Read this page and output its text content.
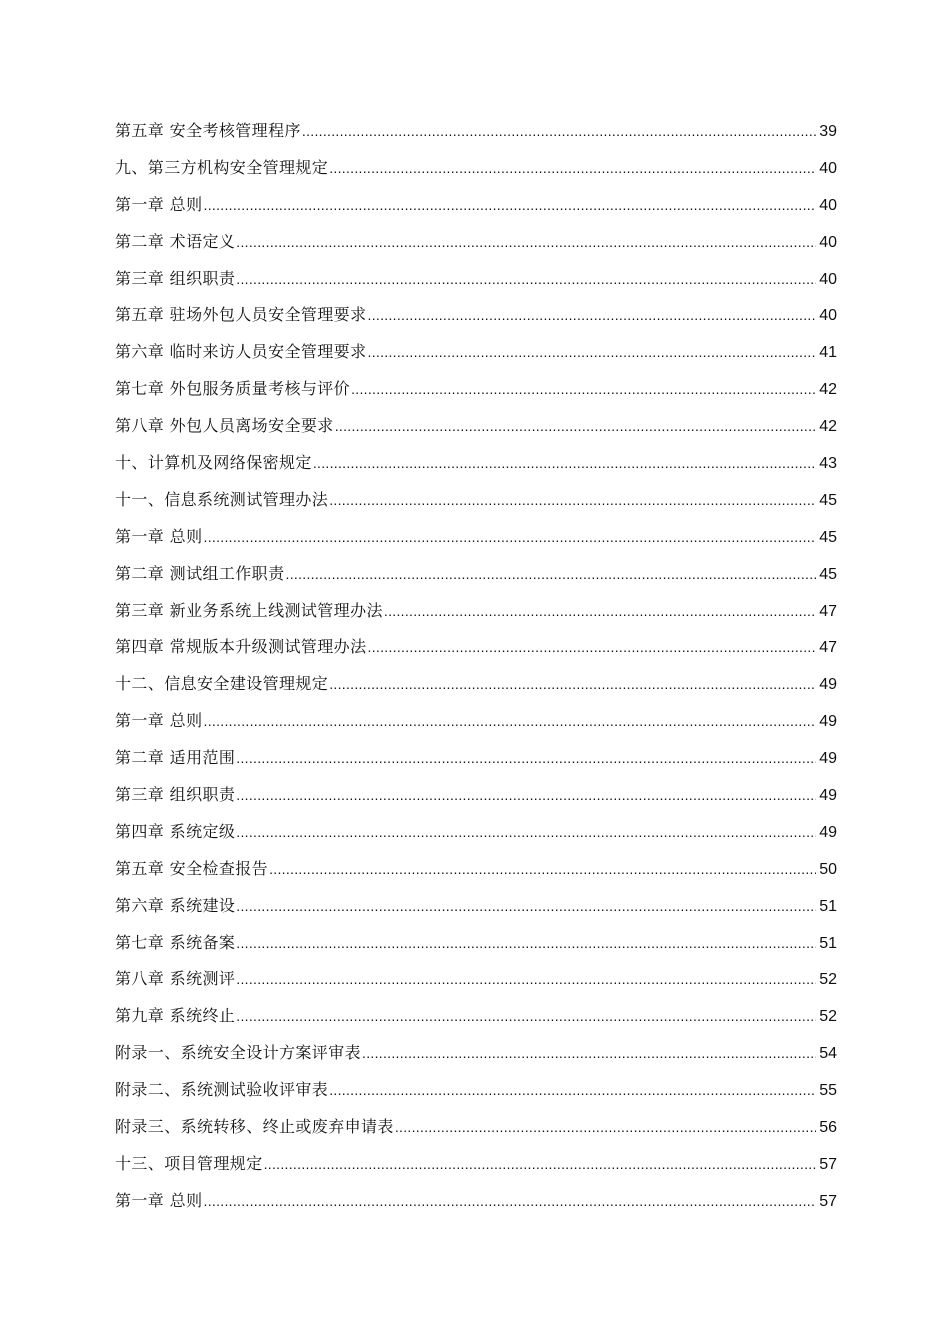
第五章 安全考核管理程序 .....	39
九、第三方机构安全管理规定 .....	40
第一章 总则 .....	40
第二章 术语定义 .....	40
第三章 组织职责 .....	40
第五章 驻场外包人员安全管理要求 .....	40
第六章 临时来访人员安全管理要求 .....	41
第七章 外包服务质量考核与评价 .....	42
第八章 外包人员离场安全要求 .....	42
十、计算机及网络保密规定 .....	43
十一、信息系统测试管理办法 .....	45
第一章 总则 .....	45
第二章 测试组工作职责 .....	45
第三章 新业务系统上线测试管理办法 .....	47
第四章 常规版本升级测试管理办法 .....	47
十二、信息安全建设管理规定 .....	49
第一章 总则 .....	49
第二章 适用范围 .....	49
第三章 组织职责 .....	49
第四章 系统定级 .....	49
第五章 安全检查报告 .....	50
第六章 系统建设 .....	51
第七章 系统备案 .....	51
第八章 系统测评 .....	52
第九章 系统终止 .....	52
附录一、系统安全设计方案评审表 .....	54
附录二、系统测试验收评审表 .....	55
附录三、系统转移、终止或废弃申请表 .....	56
十三、项目管理规定 .....	57
第一章 总则 .....	57
